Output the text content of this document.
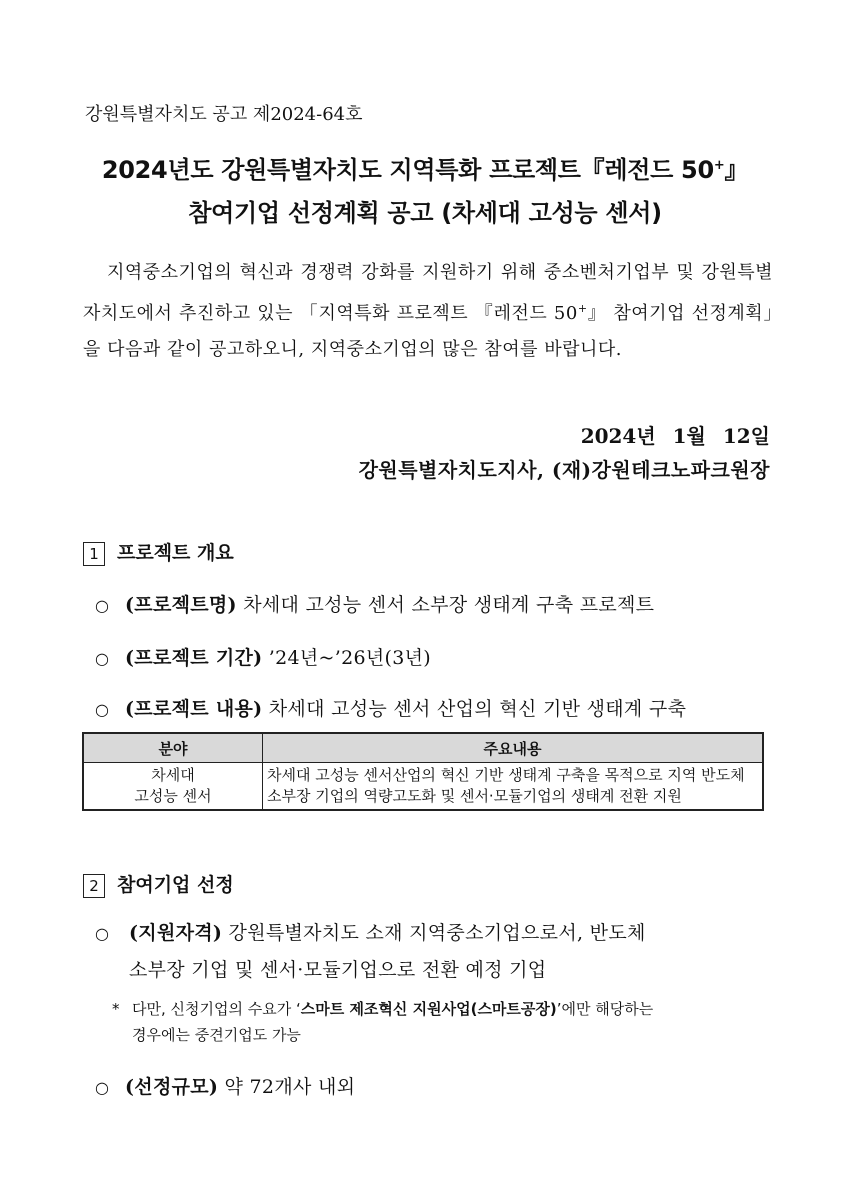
강원특별자치도 공고 제2024-64호
2024년도 강원특별자치도 지역특화 프로젝트『레전드 50+』
참여기업 선정계획 공고 (차세대 고성능 센서)
지역중소기업의 혁신과 경쟁력 강화를 지원하기 위해 중소벤처기업부 및 강원특별자치도에서 추진하고 있는 「지역특화 프로젝트 『레전드 50+』 참여기업 선정계획」을 다음과 같이 공고하오니, 지역중소기업의 많은 참여를 바랍니다.
2024년 1월 12일
강원특별자치도지사, (재)강원테크노파크원장
1 프로젝트 개요
○ (프로젝트명) 차세대 고성능 센서 소부장 생태계 구축 프로젝트
○ (프로젝트 기간) ’24년~’26년(3년)
○ (프로젝트 내용) 차세대 고성능 센서 산업의 혁신 기반 생태계 구축
분야	주요내용

차세대
고성능 센서	차세대 고성능 센서산업의 혁신 기반 생태계 구축을 목적으로 지역 반도체 소부장 기업의 역량고도화 및 센서·모듈기업의 생태계 전환 지원
2 참여기업 선정
○ (지원자격) 강원특별자치도 소재 지역중소기업으로서, 반도체
소부장 기업 및 센서·모듈기업으로 전환 예정 기업
* 다만, 신청기업의 수요가 ‘스마트 제조혁신 지원사업(스마트공장)’에만 해당하는
경우에는 중견기업도 가능
○ (선정규모) 약 72개사 내외
